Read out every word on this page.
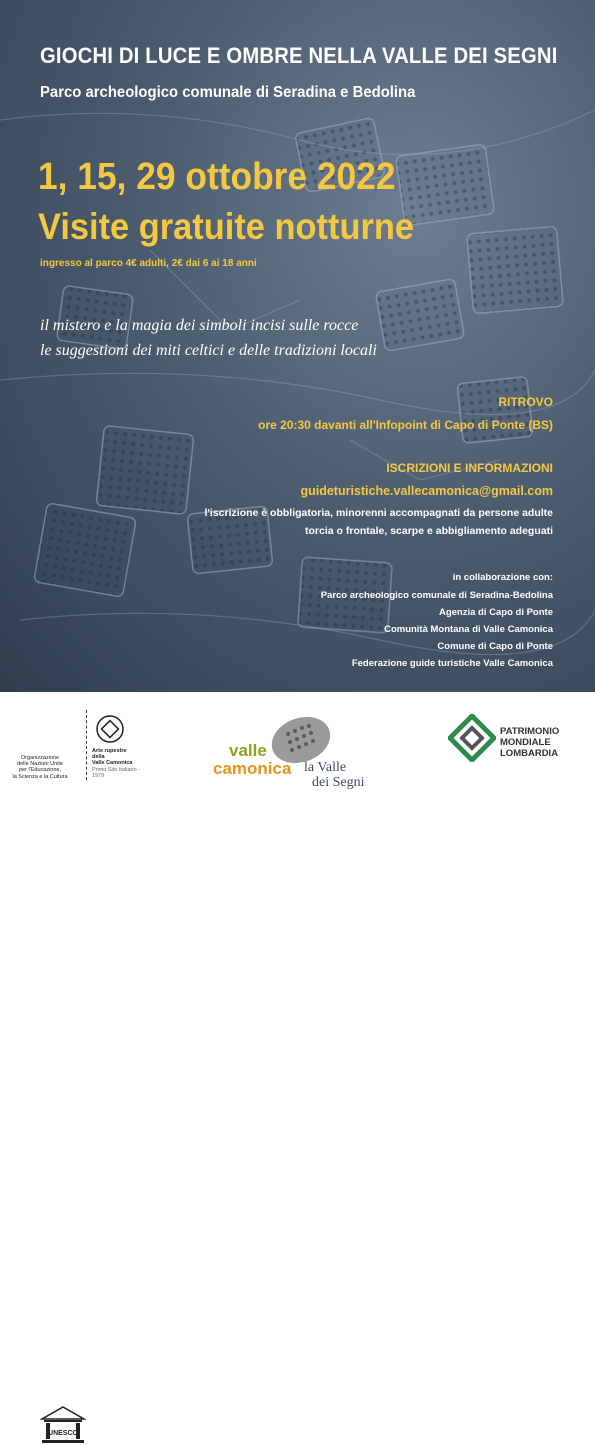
GIOCHI DI LUCE E OMBRE NELLA VALLE DEI SEGNI

Parco archeologico comunale di Seradina e Bedolina

1, 15, 29 ottobre 2022

Visite gratuite notturne

ingresso al parco 4€ adulti, 2€ dai 6 ai 18 anni

il mistero e la magia dei simboli incisi sulle rocce

le suggestioni dei miti celtici e delle tradizioni locali

RITROVO

ore 20:30 davanti all'Infopoint di Capo di Ponte (BS)

ISCRIZIONI E INFORMAZIONI

guideturistiche.vallecamonica@gmail.com

l'iscrizione è obbligatoria, minorenni accompagnati da persone adulte

torcia o frontale, scarpe e abbigliamento adeguati

in collaborazione con:

Parco archeologico comunale di Seradina-Bedolina

Agenzia di Capo di Ponte

Comunità Montana di Valle Camonica

Comune di Capo di Ponte

Federazione guide turistiche Valle Camonica

UNESCO
Organizzazione
delle Nazioni Unite
per l'Educazione,
la Scienza e la Cultura
Arte rupestre
della
Valle Camonica
Primo Sito Italiano - 1979
valle
camonica la Valle
dei Segni
PATRIMONIO
MONDIALE
LOMBARDIA
